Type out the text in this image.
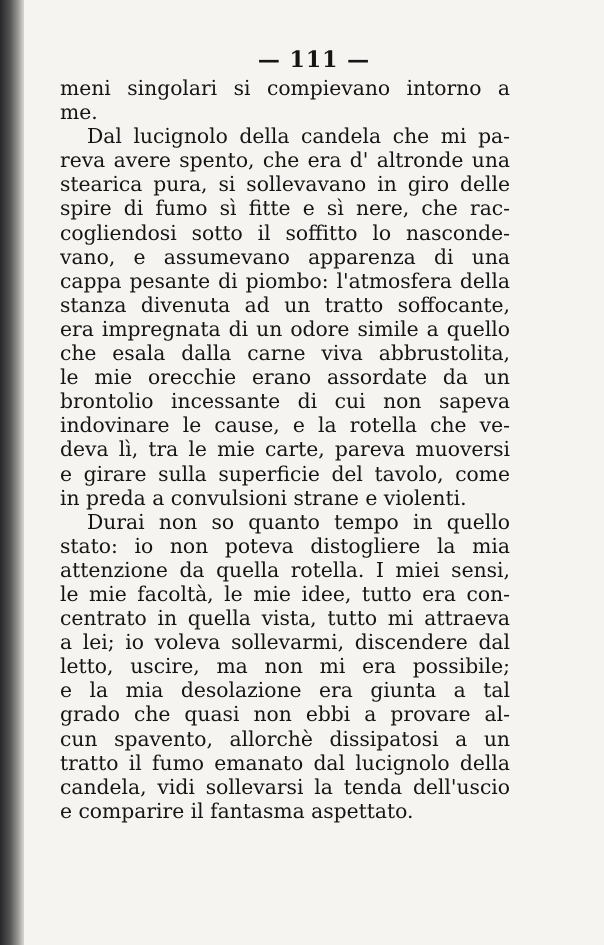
— 111 —
meni singolari si compievano intorno a
me.
Dal lucignolo della candela che mi pa-
reva avere spento, che era d' altronde una
stearica pura, si sollevavano in giro delle
spire di fumo sì fitte e sì nere, che rac-
cogliendosi sotto il soffitto lo nasconde-
vano, e assumevano apparenza di una
cappa pesante di piombo: l'atmosfera della
stanza divenuta ad un tratto soffocante,
era impregnata di un odore simile a quello
che esala dalla carne viva abbrustolita,
le mie orecchie erano assordate da un
brontolio incessante di cui non sapeva
indovinare le cause, e la rotella che ve-
deva lì, tra le mie carte, pareva muoversi
e girare sulla superficie del tavolo, come
in preda a convulsioni strane e violenti.
Durai non so quanto tempo in quello
stato: io non poteva distogliere la mia
attenzione da quella rotella. I miei sensi,
le mie facoltà, le mie idee, tutto era con-
centrato in quella vista, tutto mi attraeva
a lei; io voleva sollevarmi, discendere dal
letto, uscire, ma non mi era possibile;
e la mia desolazione era giunta a tal
grado che quasi non ebbi a provare al-
cun spavento, allorchè dissipatosi a un
tratto il fumo emanato dal lucignolo della
candela, vidi sollevarsi la tenda dell'uscio
e comparire il fantasma aspettato.
